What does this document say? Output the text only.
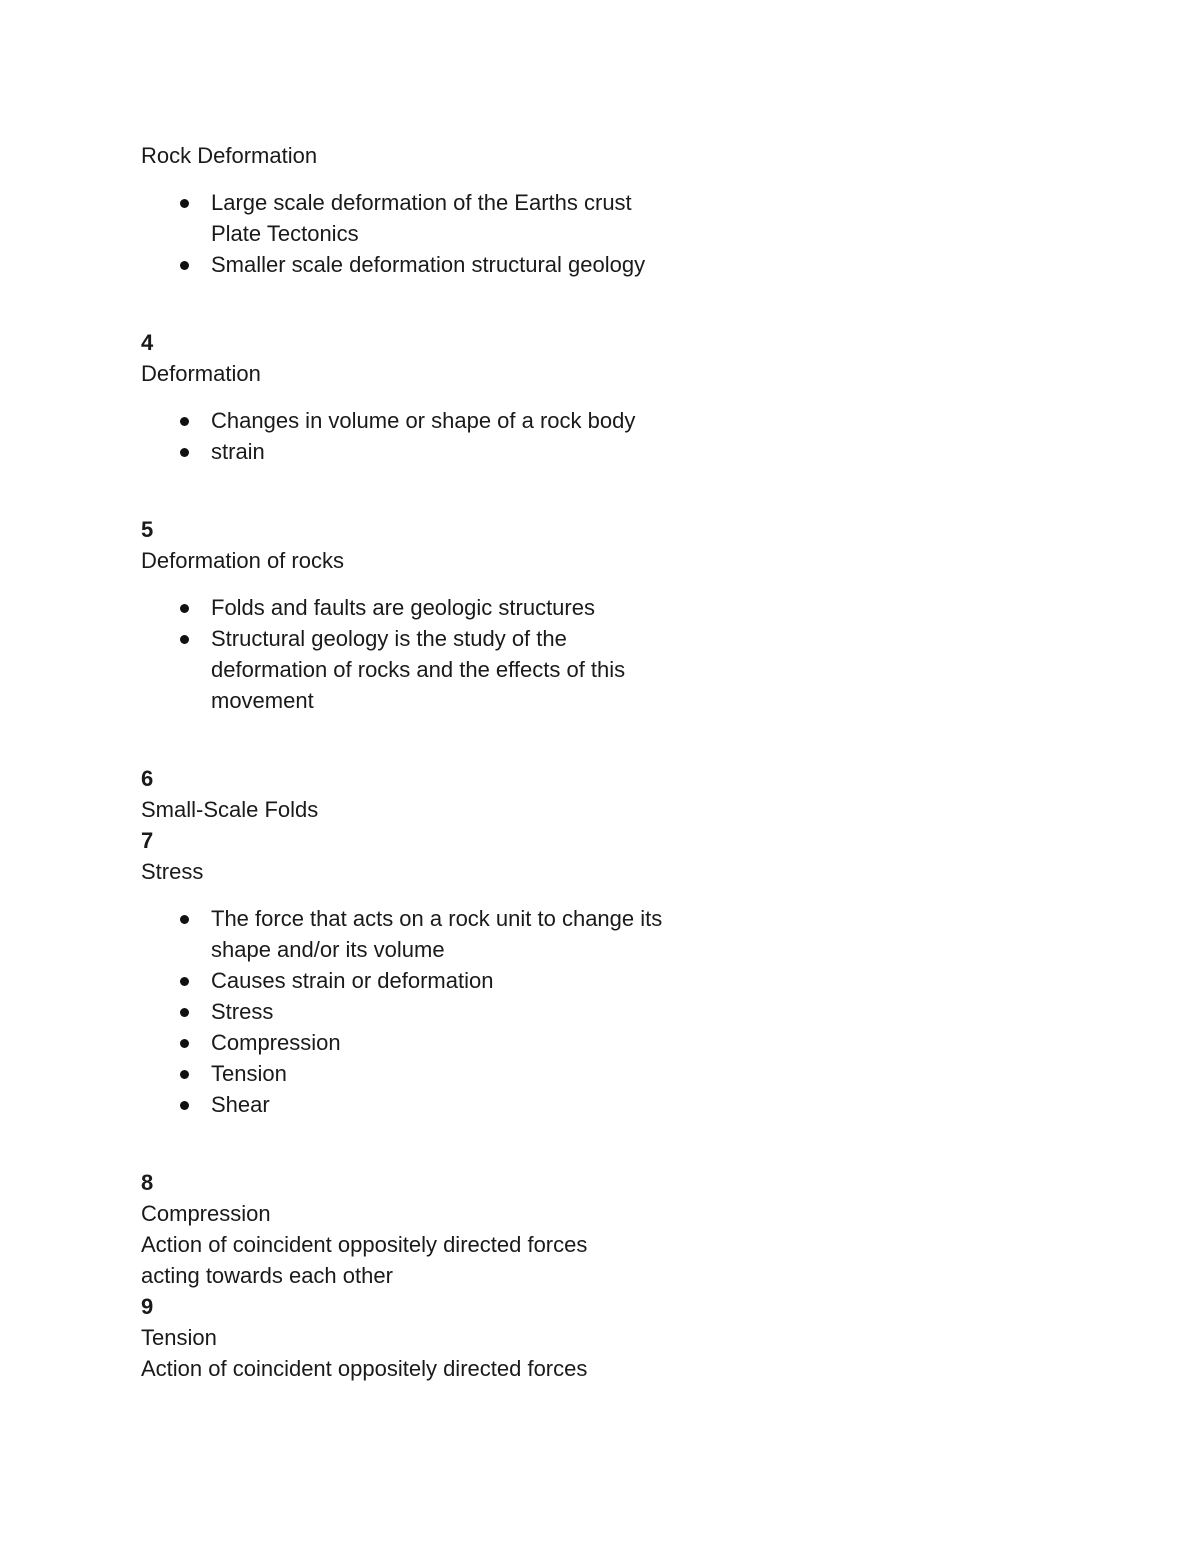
Rock Deformation

Large scale deformation of the Earths crust
Plate Tectonics
Smaller scale deformation structural geology

4

Deformation

Changes in volume or shape of a rock body
strain

5

Deformation of rocks

Folds and faults are geologic structures
Structural geology is the study of the
deformation of rocks and the effects of this
movement

6

Small-Scale Folds

7

Stress

The force that acts on a rock unit to change its
shape and/or its volume
Causes strain or deformation
Stress
Compression
Tension
Shear

8

Compression

Action of coincident oppositely directed forces

acting towards each other

9

Tension

Action of coincident oppositely directed forces
